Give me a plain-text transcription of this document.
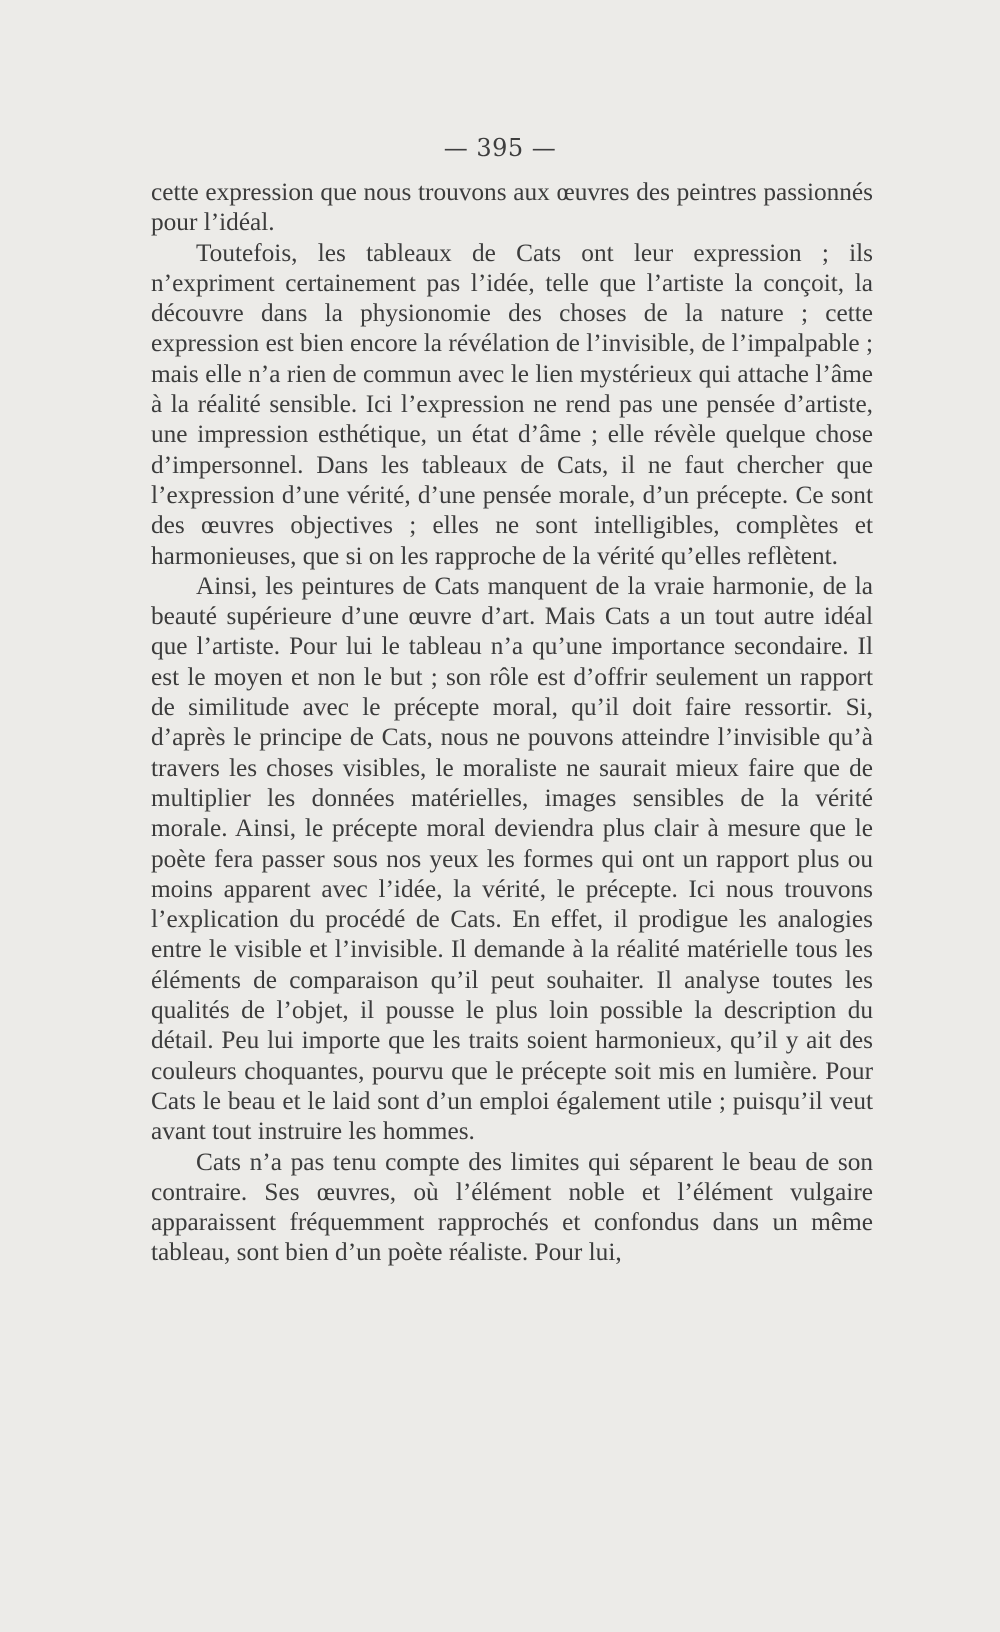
— 395 —

cette expression que nous trouvons aux œuvres des peintres passionnés pour l’idéal.

Toutefois, les tableaux de Cats ont leur expression ; ils n’expriment certainement pas l’idée, telle que l’artiste la conçoit, la découvre dans la physionomie des choses de la nature ; cette expression est bien encore la révélation de l’invisible, de l’impalpable ; mais elle n’a rien de commun avec le lien mystérieux qui attache l’âme à la réalité sensible. Ici l’expression ne rend pas une pensée d’artiste, une impression esthétique, un état d’âme ; elle révèle quelque chose d’impersonnel. Dans les tableaux de Cats, il ne faut chercher que l’expression d’une vérité, d’une pensée morale, d’un précepte. Ce sont des œuvres objectives ; elles ne sont intelligibles, complètes et harmonieuses, que si on les rapproche de la vérité qu’elles reflètent.

Ainsi, les peintures de Cats manquent de la vraie harmonie, de la beauté supérieure d’une œuvre d’art. Mais Cats a un tout autre idéal que l’artiste. Pour lui le tableau n’a qu’une importance secondaire. Il est le moyen et non le but ; son rôle est d’offrir seulement un rapport de similitude avec le précepte moral, qu’il doit faire ressortir. Si, d’après le principe de Cats, nous ne pouvons atteindre l’invisible qu’à travers les choses visibles, le moraliste ne saurait mieux faire que de multiplier les données matérielles, images sensibles de la vérité morale. Ainsi, le précepte moral deviendra plus clair à mesure que le poète fera passer sous nos yeux les formes qui ont un rapport plus ou moins apparent avec l’idée, la vérité, le précepte. Ici nous trouvons l’explication du procédé de Cats. En effet, il prodigue les analogies entre le visible et l’invisible. Il demande à la réalité matérielle tous les éléments de comparaison qu’il peut souhaiter. Il analyse toutes les qualités de l’objet, il pousse le plus loin possible la description du détail. Peu lui importe que les traits soient harmonieux, qu’il y ait des couleurs choquantes, pourvu que le précepte soit mis en lumière. Pour Cats le beau et le laid sont d’un emploi également utile ; puisqu’il veut avant tout instruire les hommes.

Cats n’a pas tenu compte des limites qui séparent le beau de son contraire. Ses œuvres, où l’élément noble et l’élément vulgaire apparaissent fréquemment rapprochés et confondus dans un même tableau, sont bien d’un poète réaliste. Pour lui,
